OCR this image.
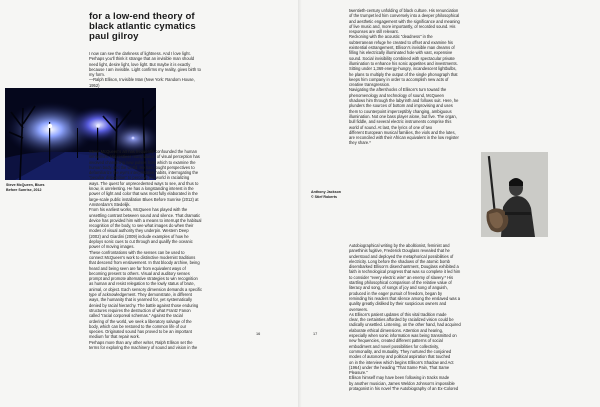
for a low-end theory of
black atlantic cymatics
paul gilroy
I now can see the darkness of lightness. And I love light.
Perhaps you'll think it strange that an invisible man should
need light, desire light, love light. But maybe it is exactly
because I am invisible. Light confirms my reality, gives birth to
my form.
—Ralph Ellison, Invisible Man (New York: Random House,
1952)
Steve McQueen, Blues
Before Sunrise, 2012
Steve McQueen's art has frequently confounded the human
sensorium. His restless manipulation of visual perception has
involved channeling new pulses from which to examine the
human body and the world. He has sought perspectives to
defamiliarize the eye's interpretative habits, interrogating the
"peculiar disposition" to perceive the world in racializing
ways. The quest for unprecedented ways to see, and thus to
know, is unrelenting. He has a longstanding interest in the
power of light and color that was most fully elaborated in the
large-scale public installation Blues Before Sunrise (2012) at
Amsterdam's Stedelijk.
From his earliest works, McQueen has played with the
unsettling contrast between sound and silence. That dramatic
device has provided him with a means to interrupt the habitual
recognition of the body, to see what images do when their
modes of visual authority they underpin. Western Deep
(2002) and Giardini (2009) include examples of how he
deploys sonic cues to cut through and qualify the oceanic
power of moving images.
These confrontations with the senses can be used to
connect McQueen's work to distinctive modernist traditions
that descend from enslavement. In that bloody archive, being
heard and being seen are far from equivalent ways of
becoming present to others. Visual and auditory senses
prompt and promote alternative strategies to win recognition
as human and resist relegation to the lowly status of brute,
animal, or object. Each sensory dimension demands a specific
type of acknowledgement. They demonstrate, in different
ways, the humanity that is yearned for, yet systematically
denied by racial hierarchy. The battle against those enduring
structures requires the destruction of what Frantz Fanon
called "racial corporeal schemas." Against the racial
ordering of the world, we seek a liberatory salvage of the
body, which can be restored to the common life of our
species. Originated sound has proved to be an important
medium for that repair work.
Perhaps more than any other writer, Ralph Ellison set the
terms for exploring the machinery of sound and vision in the
16	17
twentieth-century unfolding of black culture. His renunciation
of the trumpet led him conversely into a deeper philosophical
and aesthetic engagement with the significance and meaning
of live music and, more importantly, of recorded sound. His
responses are still relevant.
Reckoning with the acoustic "deadness" in the
subterranean refuge he created to offset and examine his
existential estrangement, Ellison's invisible man dreams of
filling his electrically illuminated hole with vast, expensive
sound. Social invisibility combined with spectacular private
illumination to enhance his sonic appetites and investments.
Sitting under 1,369 energy-hungry, incandescent lightbulbs,
he plans to multiply the output of the single phonograph that
keeps him company in order to accomplish new acts of
creative transgression.
Navigating the aftershocks of Ellison's turn toward the
phenomenology and technology of sound, McQueen
shadows him through the labyrinth and follows suit. Here, he
plunders the sources of bottom and improvising and uses
them to counterpoint imperceptibly changing, ambiguous
illumination. Not one bass player alone, but five. The organ,
bull fiddle, and several electric instruments comprise this
world of sound. At last, the lyrics of one of two
different European musical families, the viols and the lutes,
are reconciled with their African equivalent in the low register
they share.*
Anthony Jackson
© Stief Roberts
Autobiographical writing by the abolitionist, feminist and
panethinis fugitive, Frederick Douglass revealed that he
understood and deployed the metaphorical possibilities of
electricity. Long before the shadows of the atomic bomb
disembarked Ellison's disenchantment, Douglass exhibited a
faith in technological progress that was so complete it led him
to consider "every electric wire" an enemy of slavery.* His
startling philosophical comparison of the relative value of
literacy and song, of songs of joy and song of anguish,
produced in the eager pursuit of freedom, began by
reminding his readers that silence among the enslaved was a
quality greatly disliked by their suspicious owners and
overseers.
As Ellison's patient updates of this vital tradition made
clear, the certainties afforded by racialized vision could be
radically unsettled. Listening, on the other hand, had acquired
elaborate ethical dimensions. Attention and hearing,
especially when sonic information was being transmitted on
new frequencies, created different patterns of social
embodiment and novel possibilities for collectivity,
commonality, and mutuality. They nurtured the conjoined
modes of autonomy and political aspiration that touched
on in the interview which begins Ellison's Shadow and Act
(1964) under the heading "That Same Pain, That Same
Pleasure."
Ellison himself may have been following in tracks made
by another musician, James Weldon Johnson's impossible
protagonist in his novel The Autobiography of an Ex-Colored
